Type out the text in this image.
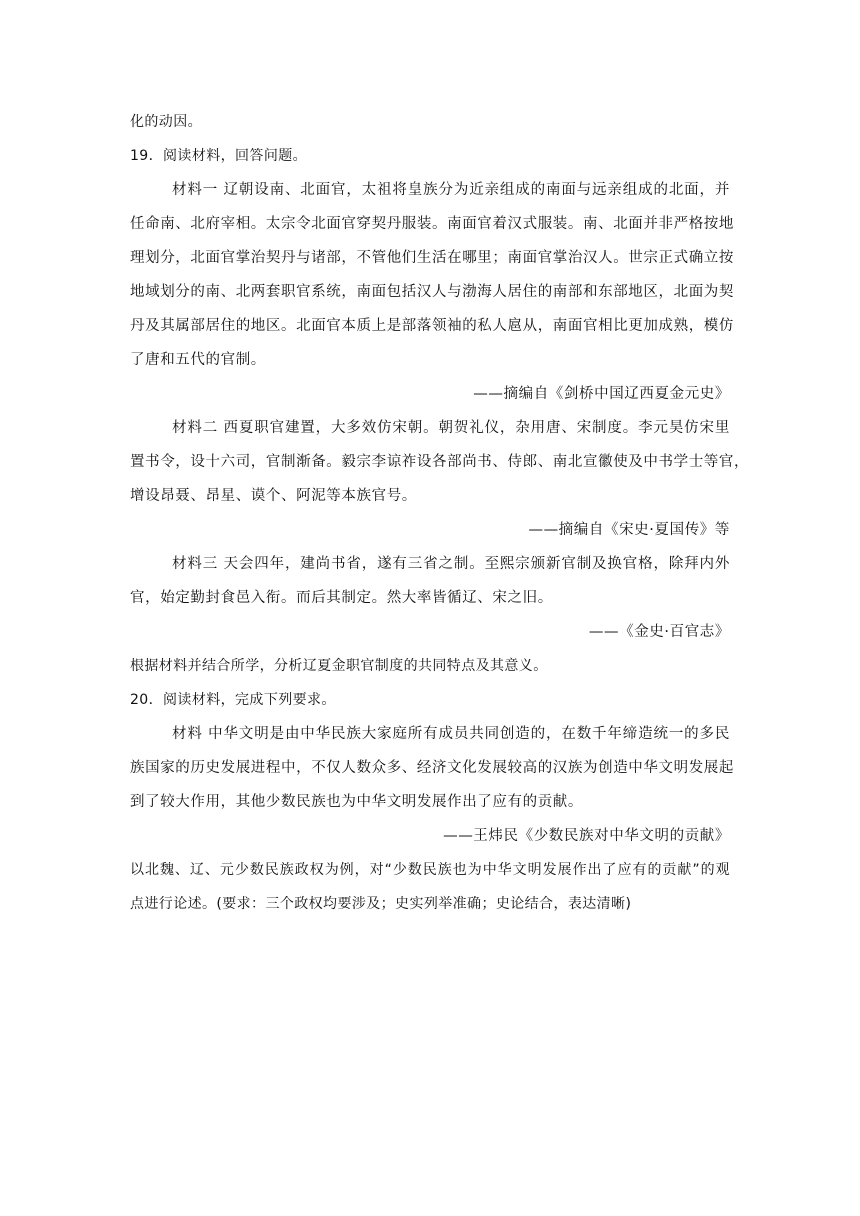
化的动因。
19．阅读材料，回答问题。
材料一 辽朝设南、北面官，太祖将皇族分为近亲组成的南面与远亲组成的北面，并
任命南、北府宰相。太宗令北面官穿契丹服装。南面官着汉式服装。南、北面并非严格按地
理划分，北面官掌治契丹与诸部，不管他们生活在哪里；南面官掌治汉人。世宗正式确立按
地域划分的南、北两套职官系统，南面包括汉人与渤海人居住的南部和东部地区，北面为契
丹及其属部居住的地区。北面官本质上是部落领袖的私人扈从，南面官相比更加成熟，模仿
了唐和五代的官制。
——摘编自《剑桥中国辽西夏金元史》
材料二 西夏职官建置，大多效仿宋朝。朝贺礼仪，杂用唐、宋制度。李元昊仿宋里
置书令，设十六司，官制渐备。毅宗李谅祚设各部尚书、侍郎、南北宣徽使及中书学士等官，
增设昂聂、昂星、谟个、阿泥等本族官号。
——摘编自《宋史·夏国传》等
材料三 天会四年，建尚书省，遂有三省之制。至熙宗颁新官制及换官格，除拜内外
官，始定勤封食邑入衔。而后其制定。然大率皆循辽、宋之旧。
——《金史·百官志》
根据材料并结合所学，分析辽夏金职官制度的共同特点及其意义。
20．阅读材料，完成下列要求。
材料 中华文明是由中华民族大家庭所有成员共同创造的，在数千年缔造统一的多民
族国家的历史发展进程中，不仅人数众多、经济文化发展较高的汉族为创造中华文明发展起
到了较大作用，其他少数民族也为中华文明发展作出了应有的贡献。
——王炜民《少数民族对中华文明的贡献》
以北魏、辽、元少数民族政权为例，对“少数民族也为中华文明发展作出了应有的贡献”的观
点进行论述。(要求：三个政权均要涉及；史实列举准确；史论结合，表达清晰)
